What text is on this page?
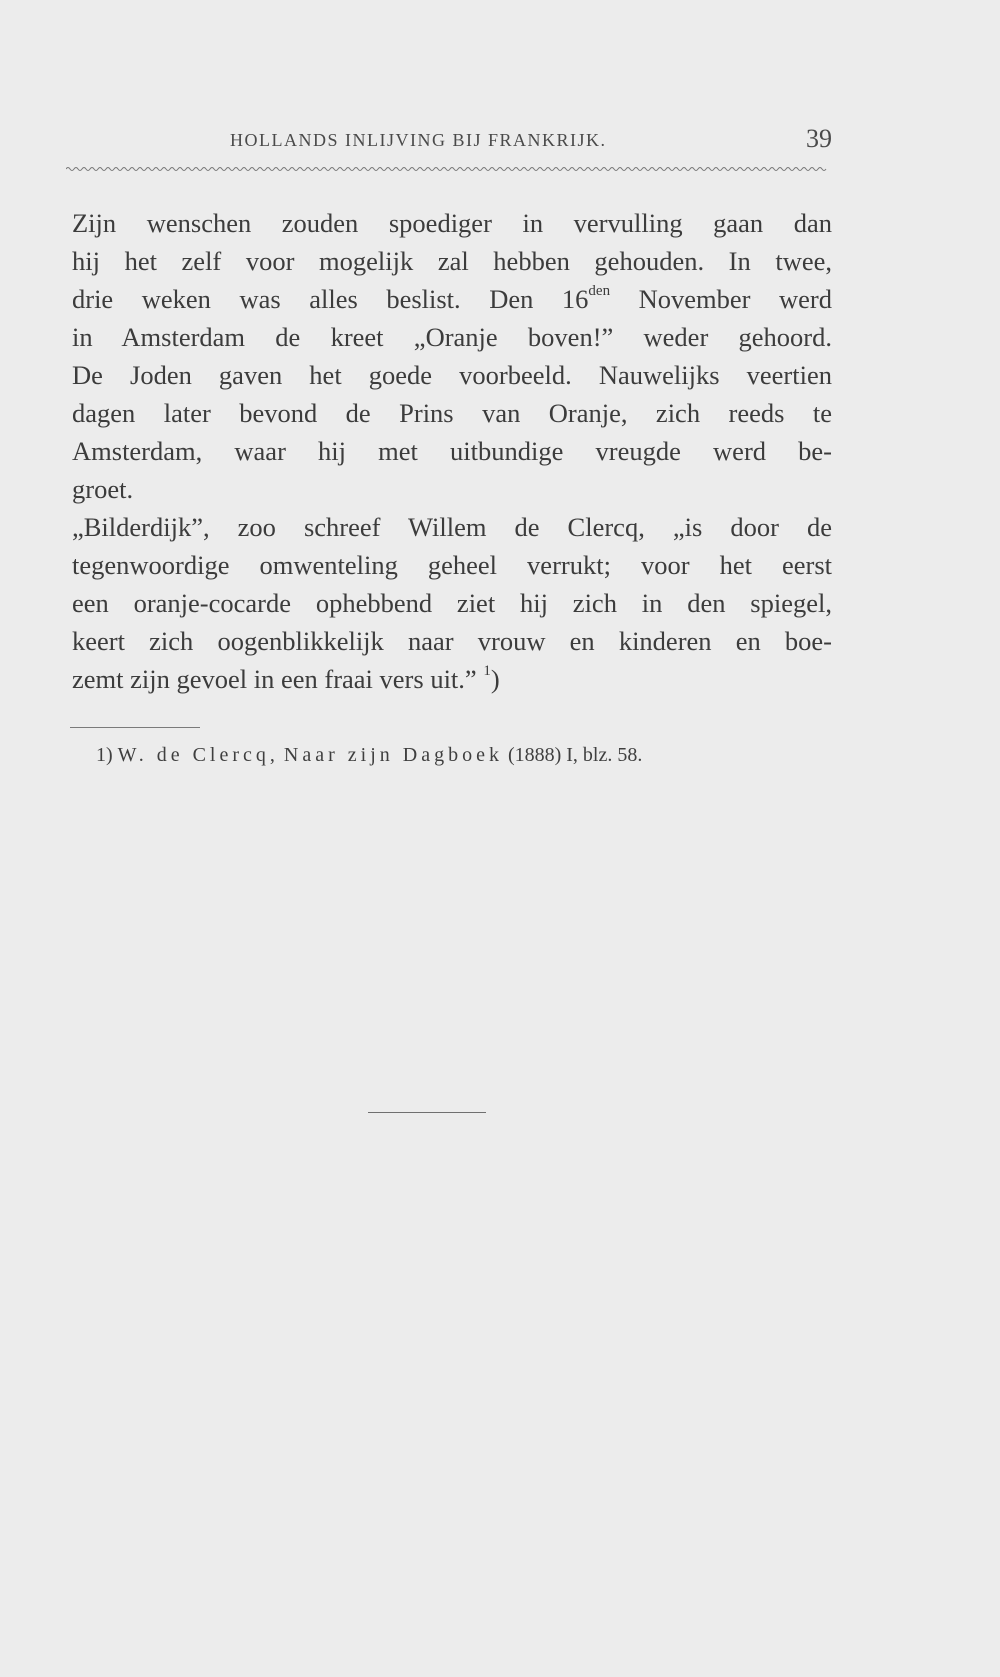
HOLLANDS INLIJVING BIJ FRANKRIJK.	39

Zijn wenschen zouden spoediger in vervulling gaan dan
hij het zelf voor mogelijk zal hebben gehouden. In twee,
drie weken was alles beslist. Den $16^{den}$ November werd
in Amsterdam de kreet „Oranje boven!” weder gehoord.
De Joden gaven het goede voorbeeld. Nauwelijks veertien
dagen later bevond de Prins van Oranje, zich reeds te
Amsterdam, waar hij met uitbundige vreugde werd be-
groet.

„Bilderdijk”, zoo schreef Willem de Clercq, „is door de
tegenwoordige omwenteling geheel verrukt; voor het eerst
een oranje-cocarde ophebbend ziet hij zich in den spiegel,
keert zich oogenblikkelijk naar vrouw en kinderen en boe-
zemt zijn gevoel in een fraai vers uit.” $^1$)

1) W. de Clercq, Naar zijn Dagboek (1888) I, blz. 58.
